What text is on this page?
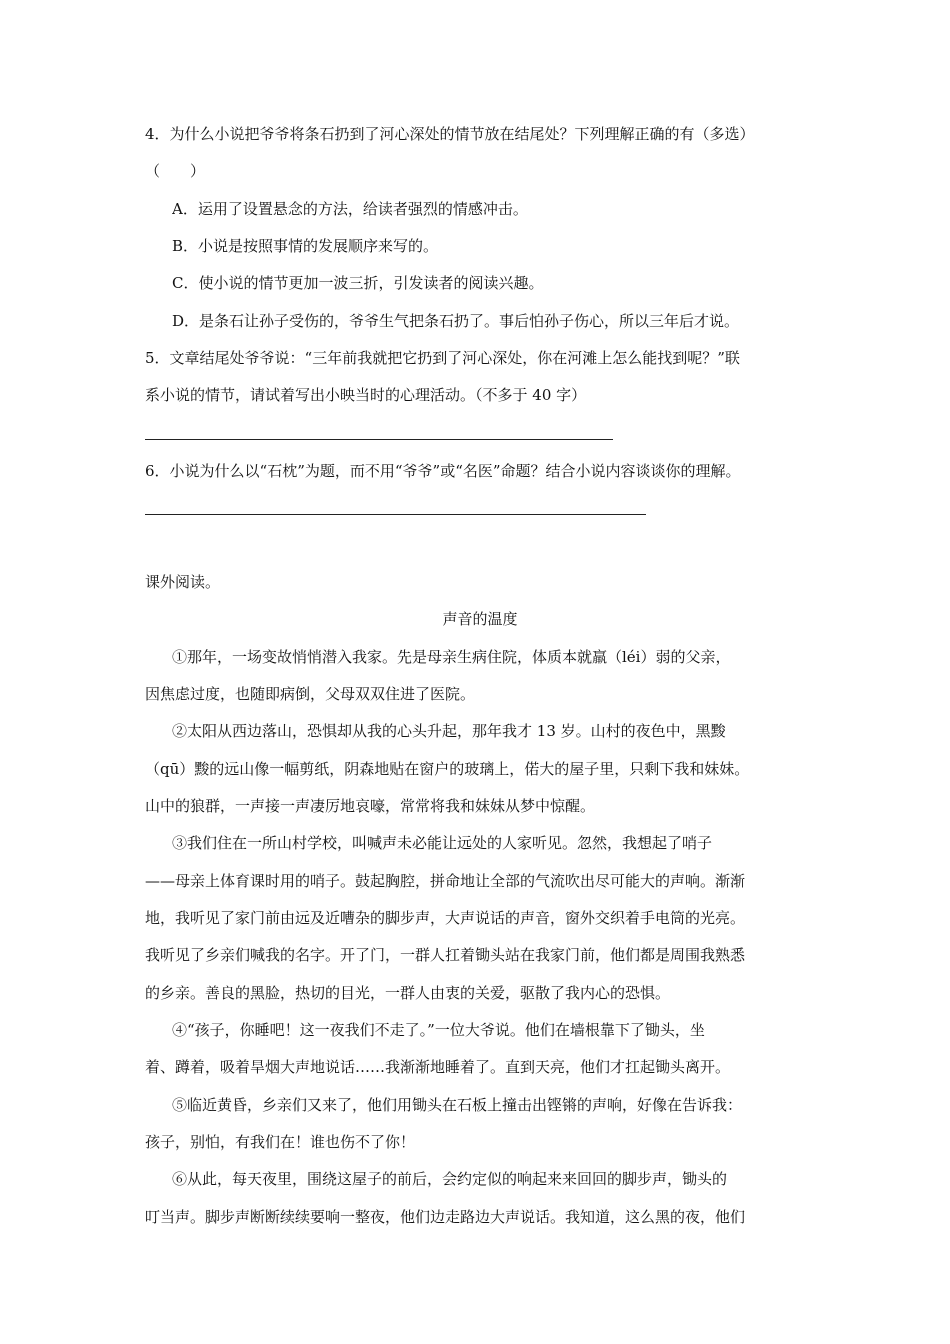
4．为什么小说把爷爷将条石扔到了河心深处的情节放在结尾处？下列理解正确的有（多选）
（　　）
A．运用了设置悬念的方法，给读者强烈的情感冲击。
B．小说是按照事情的发展顺序来写的。
C．使小说的情节更加一波三折，引发读者的阅读兴趣。
D．是条石让孙子受伤的，爷爷生气把条石扔了。事后怕孙子伤心，所以三年后才说。
5．文章结尾处爷爷说：“三年前我就把它扔到了河心深处，你在河滩上怎么能找到呢？”联
系小说的情节，请试着写出小映当时的心理活动。（不多于 40 字）
6．小说为什么以“石枕”为题，而不用“爷爷”或“名医”命题？结合小说内容谈谈你的理解。
课外阅读。
声音的温度
①那年，一场变故悄悄潜入我家。先是母亲生病住院，体质本就羸（léi）弱的父亲，
因焦虑过度，也随即病倒，父母双双住进了医院。
②太阳从西边落山，恐惧却从我的心头升起，那年我才 13 岁。山村的夜色中，黑黢
（qū）黢的远山像一幅剪纸，阴森地贴在窗户的玻璃上，偌大的屋子里，只剩下我和妹妹。
山中的狼群，一声接一声凄厉地哀嚎，常常将我和妹妹从梦中惊醒。
③我们住在一所山村学校，叫喊声未必能让远处的人家听见。忽然，我想起了哨子
——母亲上体育课时用的哨子。鼓起胸腔，拼命地让全部的气流吹出尽可能大的声响。渐渐
地，我听见了家门前由远及近嘈杂的脚步声，大声说话的声音，窗外交织着手电筒的光亮。
我听见了乡亲们喊我的名字。开了门，一群人扛着锄头站在我家门前，他们都是周围我熟悉
的乡亲。善良的黑脸，热切的目光，一群人由衷的关爱，驱散了我内心的恐惧。
④“孩子，你睡吧！这一夜我们不走了。”一位大爷说。他们在墙根靠下了锄头，坐
着、蹲着，吸着旱烟大声地说话……我渐渐地睡着了。直到天亮，他们才扛起锄头离开。
⑤临近黄昏，乡亲们又来了，他们用锄头在石板上撞击出铿锵的声响，好像在告诉我：
孩子，别怕，有我们在！谁也伤不了你！
⑥从此，每天夜里，围绕这屋子的前后，会约定似的响起来来回回的脚步声，锄头的
叮当声。脚步声断断续续要响一整夜，他们边走路边大声说话。我知道，这么黑的夜，他们
